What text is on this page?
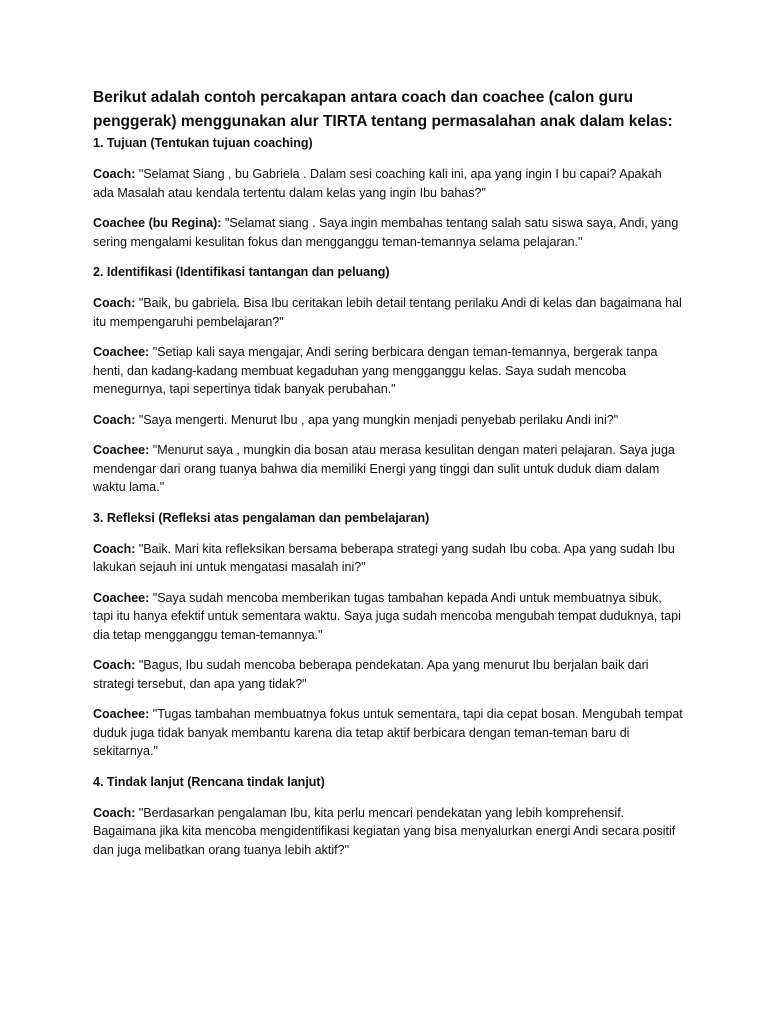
Berikut adalah contoh percakapan antara coach dan coachee (calon guru penggerak) menggunakan alur TIRTA tentang permasalahan anak dalam kelas:

1. Tujuan (Tentukan tujuan coaching)

Coach: "Selamat Siang , bu Gabriela . Dalam sesi coaching kali ini, apa yang ingin I bu capai? Apakah ada Masalah atau kendala tertentu dalam kelas yang ingin Ibu bahas?"

Coachee (bu Regina): "Selamat siang . Saya ingin membahas tentang salah satu siswa saya, Andi, yang sering mengalami kesulitan fokus dan mengganggu teman-temannya selama pelajaran."

2. Identifikasi (Identifikasi tantangan dan peluang)

Coach: "Baik, bu gabriela. Bisa Ibu ceritakan lebih detail tentang perilaku Andi di kelas dan bagaimana hal itu mempengaruhi pembelajaran?"

Coachee: "Setiap kali saya mengajar, Andi sering berbicara dengan teman-temannya, bergerak tanpa henti, dan kadang-kadang membuat kegaduhan yang mengganggu kelas. Saya sudah mencoba menegurnya, tapi sepertinya tidak banyak perubahan."

Coach: "Saya mengerti. Menurut Ibu , apa yang mungkin menjadi penyebab perilaku Andi ini?"

Coachee: "Menurut saya , mungkin dia bosan atau merasa kesulitan dengan materi pelajaran. Saya juga mendengar dari orang tuanya bahwa dia memiliki Energi yang tinggi dan sulit untuk duduk diam dalam waktu lama."

3. Refleksi (Refleksi atas pengalaman dan pembelajaran)

Coach: "Baik. Mari kita refleksikan bersama beberapa strategi yang sudah Ibu coba. Apa yang sudah Ibu lakukan sejauh ini untuk mengatasi masalah ini?"

Coachee: "Saya sudah mencoba memberikan tugas tambahan kepada Andi untuk membuatnya sibuk, tapi itu hanya efektif untuk sementara waktu. Saya juga sudah mencoba mengubah tempat duduknya, tapi dia tetap mengganggu teman-temannya."

Coach: "Bagus, Ibu sudah mencoba beberapa pendekatan. Apa yang menurut Ibu berjalan baik dari strategi tersebut, dan apa yang tidak?"

Coachee: "Tugas tambahan membuatnya fokus untuk sementara, tapi dia cepat bosan. Mengubah tempat duduk juga tidak banyak membantu karena dia tetap aktif berbicara dengan teman-teman baru di sekitarnya."

4. Tindak lanjut (Rencana tindak lanjut)

Coach: "Berdasarkan pengalaman Ibu, kita perlu mencari pendekatan yang lebih komprehensif. Bagaimana jika kita mencoba mengidentifikasi kegiatan yang bisa menyalurkan energi Andi secara positif dan juga melibatkan orang tuanya lebih aktif?"
